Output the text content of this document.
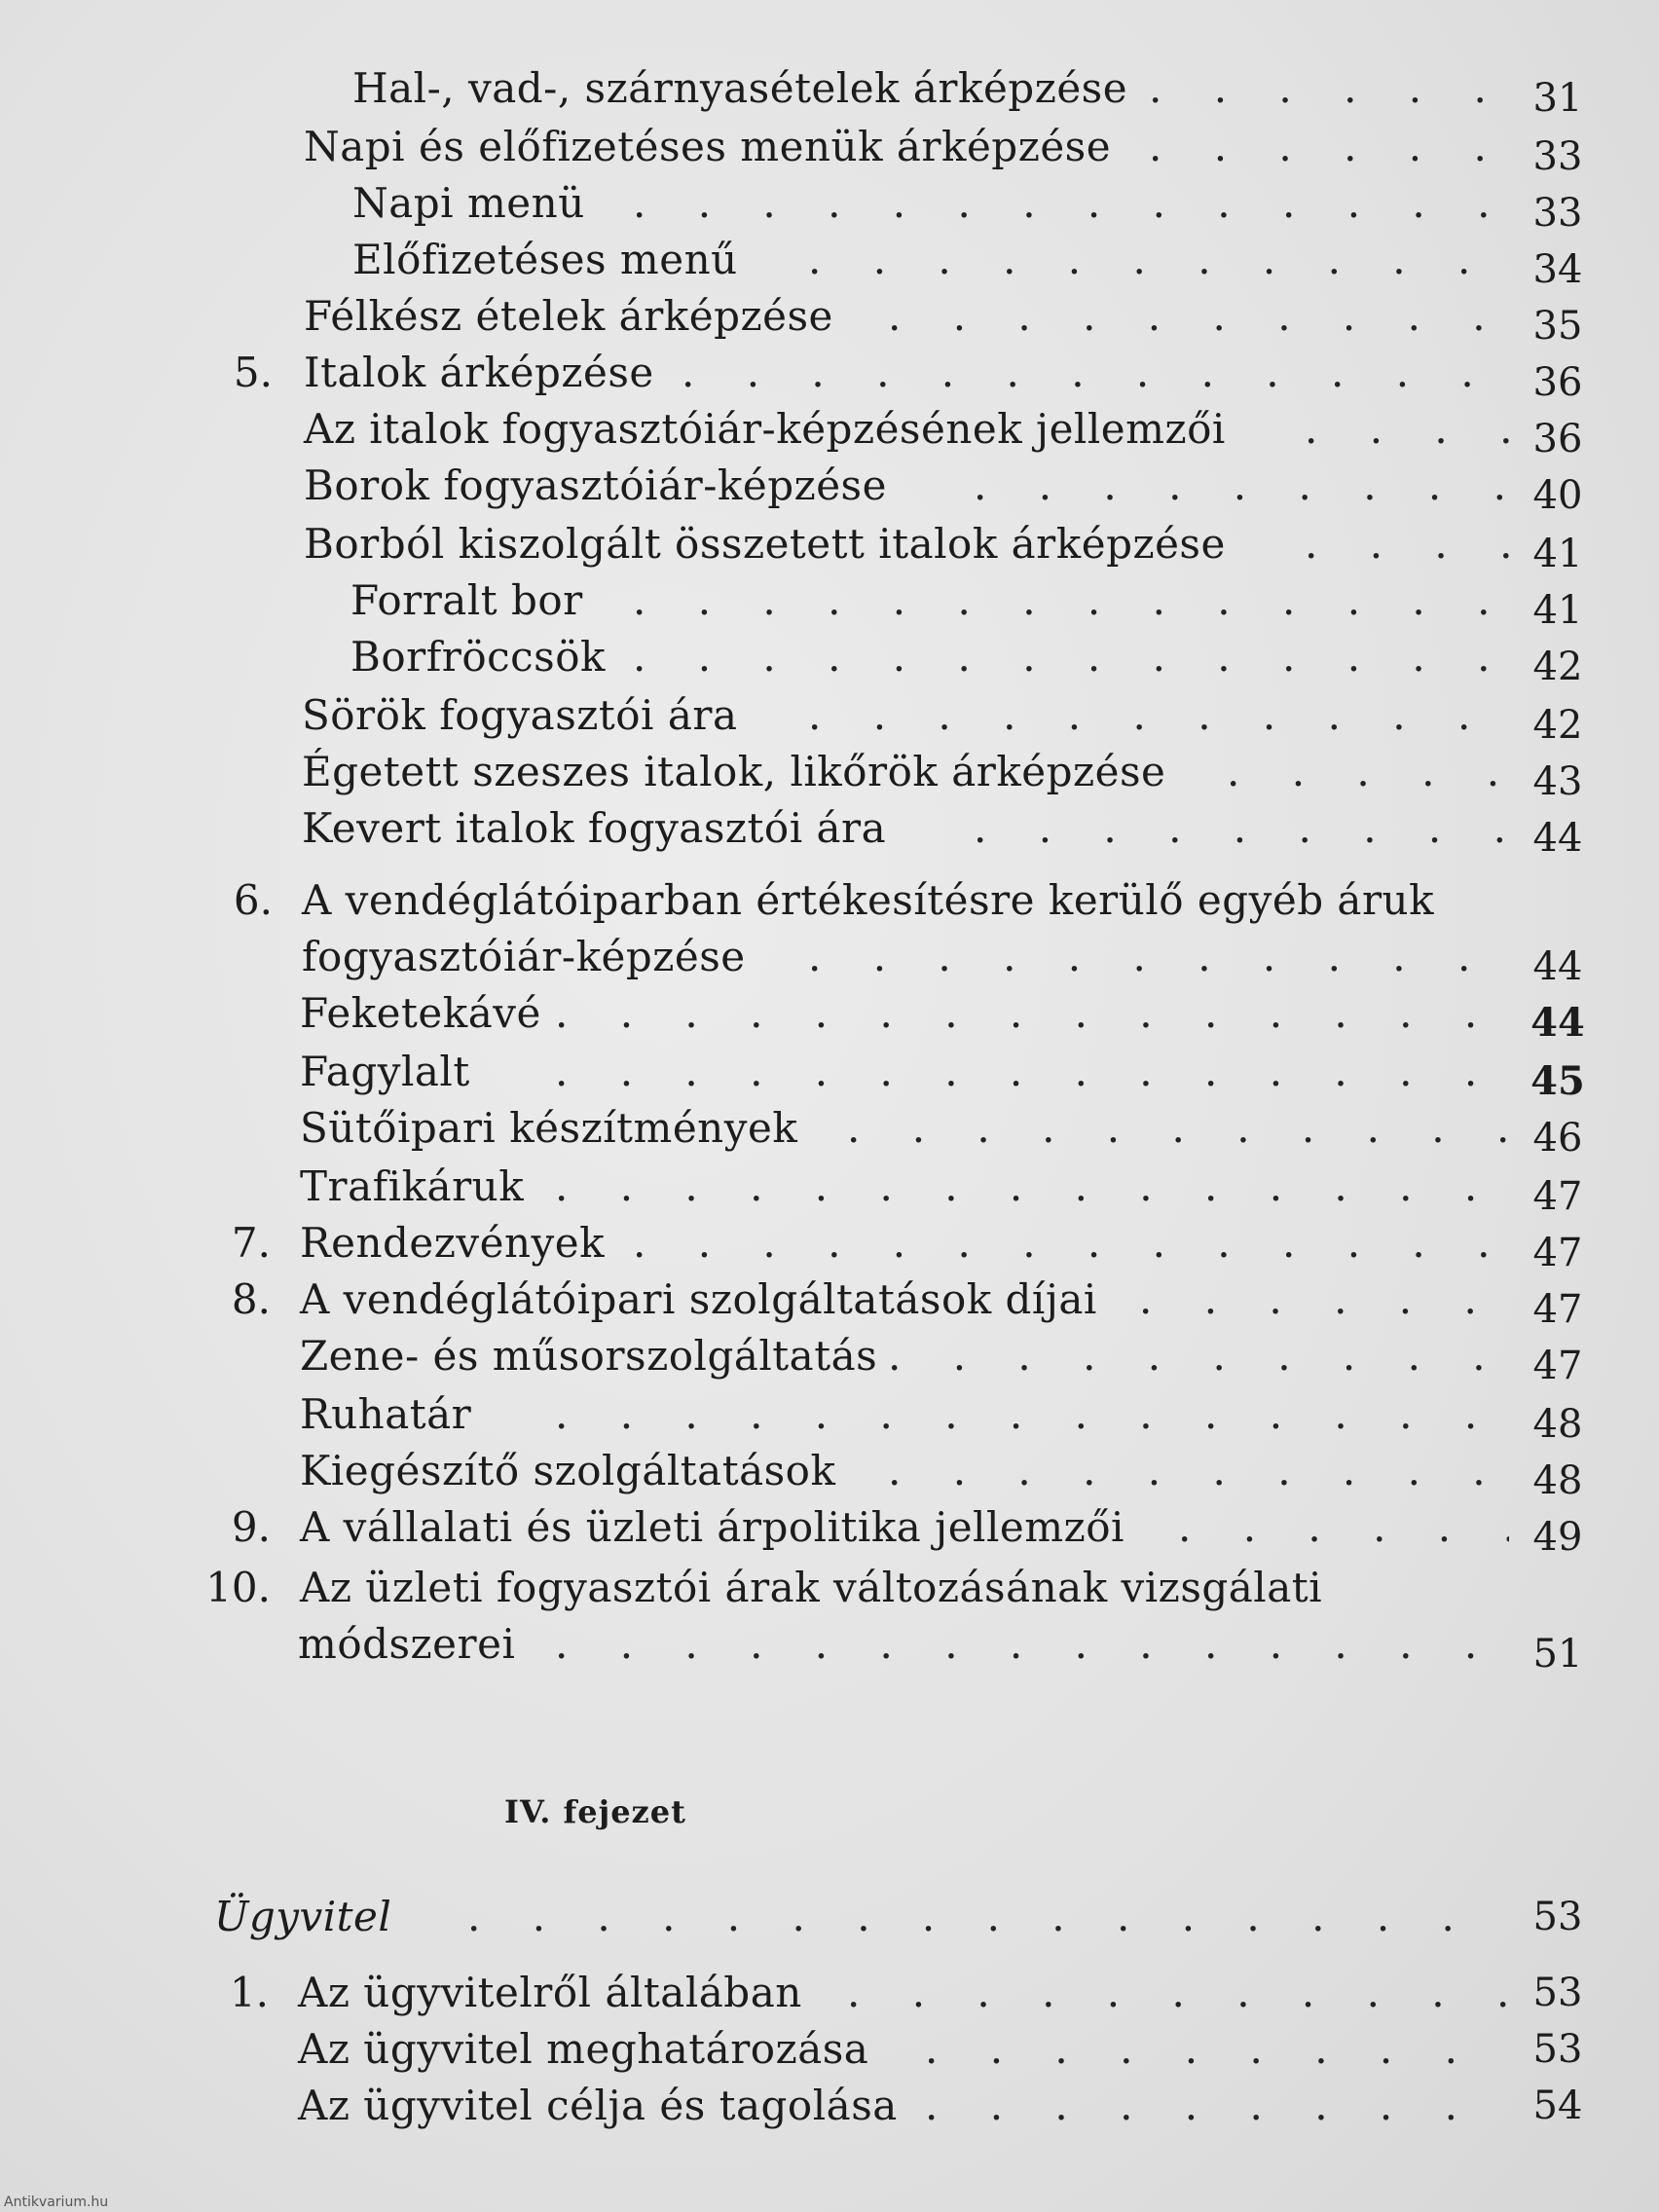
Hal-, vad-, szárnyasételek árképzése . . .	31
Napi és előfizetéses menük árképzése . . .	33
Napi menü . . .	33
Előfizetéses menű . . .	34
Félkész ételek árképzése . . .	35
5. Italok árképzése . . .	36
Az italok fogyasztóiár-képzésének jellemzői . . .	36
Borok fogyasztóiár-képzése . . .	40
Borból kiszolgált összetett italok árképzése . . .	41
Forralt bor . . .	41
Borfröccsök . . .	42
Sörök fogyasztói ára . . .	42
Égetett szeszes italok, likőrök árképzése . . .	43
Kevert italok fogyasztói ára . . .	44
6. A vendéglátóiparban értékesítésre kerülő egyéb áruk
fogyasztóiár-képzése . . .	44
Feketekávé . . .	44
Fagylalt . . .	45
Sütőipari készítmények . . .	46
Trafikáruk . . .	47
7. Rendezvények . . .	47
8. A vendéglátóipari szolgáltatások díjai . . .	47
Zene- és műsorszolgáltatás . . .	47
Ruhatár . . .	48
Kiegészítő szolgáltatások . . .	48
9. A vállalati és üzleti árpolitika jellemzői . . .	49
10. Az üzleti fogyasztói árak változásának vizsgálati
módszerei . . .	51
IV. fejezet
Ügyvitel . . .	53
1. Az ügyvitelről általában . . .	53
Az ügyvitel meghatározása . . .	53
Az ügyvitel célja és tagolása . . .	54
Antikvarium.hu
